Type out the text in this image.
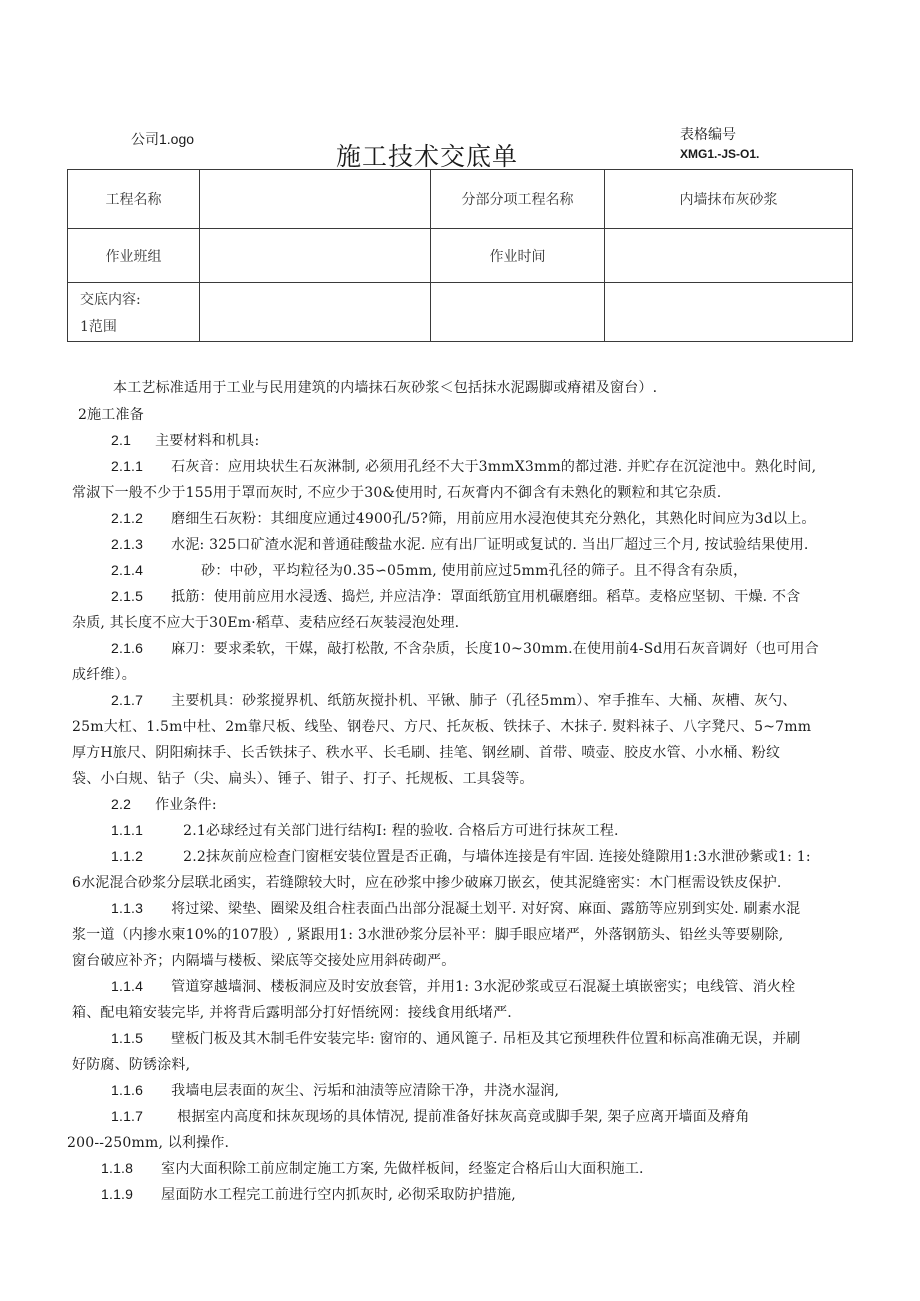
公司1.ogo
施工技术交底单
表格编号
XMG1.-JS-O1.
工程名称		分部分项工程名称	内墙抹布灰砂浆
作业班组		作业时间	

交底内容:
1范围			

本工艺标准适用于工业与民用建筑的内墙抹石灰砂浆＜包括抹水泥踢脚或瘠裙及窗台）.
2施工准备
2.1 主要材料和机具:
2.1.1 石灰音：应用块状生石灰淋制, 必须用孔经不大于3mmX3mm的都过港. 并贮存在沉淀池中。熟化时间,
常淑下一般不少于155用于罩而灰时, 不应少于30&使用时, 石灰膏内不御含有未熟化的颗粒和其它杂质.
2.1.2 磨细生石灰粉：其细度应通过4900孔/5?筛，用前应用水浸泡使其充分熟化，其熟化时间应为3d以上。
2.1.3 水泥: 325口矿渣水泥和普通硅酸盐水泥. 应有出厂证明或复试的. 当出厂超过三个月, 按试验结果使用.
2.1.4	砂：中砂，平均粒径为0.35∽05mm, 使用前应过5mm孔径的筛子。且不得含有杂质，
2.1.5 抵筋：使用前应用水浸透、捣烂, 并应洁净：罩面纸筋宜用机碾磨细。稻草。麦格应坚韧、干燥. 不含
杂质, 其长度不应大于30Em·稻草、麦秸应经石灰装浸泡处理.
2.1.6 麻刀：要求柔软，干媒，敲打松散, 不含杂质，长度10~30mm.在使用前4-Sd用石灰音调好（也可用合
成纤维）。
2.1.7 主要机具：砂浆搅界机、纸筋灰搅扑机、平锹、肺子（孔径5mm）、窄手推车、大桶、灰槽、灰勺、
25m大杠、1.5m中杜、2m靠尺板、线坠、钢卷尺、方尺、托灰板、铁抹子、木抹子. 熨料袜子、八字凳尺、5~7mm
厚方H旅尺、阴阳痢抹手、长舌铁抹子、秩水平、长毛刷、挂笔、钢丝刷、首带、喷壶、胶皮水管、小水桶、粉纹
袋、小白规、钻子（尖、扁头）、锤子、钳子、打子、托规板、工具袋等。
2.2 作业条件:
1.1.1	2.1必球经过有关部门进行结构I: 程的验收. 合格后方可进行抹灰工程.
1.1.2	2.2抹灰前应检查门窗框安装位置是否正确，与墙体连接是有牢固. 连接处缝隙用1:3水泄砂紫或1: 1:
6水泥混合砂浆分层联北函实，若缝隙较大时，应在砂浆中掺少破麻刀嵌玄，使其泥缝密实：木门框需设铁皮保护.
1.1.3 将过梁、梁垫、圈梁及组合柱表面凸出部分混凝土划平. 对好窝、麻面、露筋等应别到实处. 刷素水混
浆一道（内掺水柬10%的107股）, 紧跟用1: 3水泄砂浆分层补平：脚手眼应堵严，外落钢筋头、铅丝头等要剔除,
窗台破应补齐；内隔墙与楼板、梁底等交接处应用斜砖砌严。
1.1.4 管道穿越墙洞、楼板洞应及时安放套管，并用1: 3水泥砂浆或豆石混凝土填嵌密实；电线管、消火栓
箱、配电箱安装完毕, 并将背后露明部分打好悟统网：接线食用纸堵严.
1.1.5 壁板门板及其木制毛件安装完毕: 窗帘的、通风篦子. 吊柜及其它预埋秩件位置和标高准确无误，并刷
好防腐、防锈涂料,
1.1.6 我墙电层表面的灰尘、污垢和油渍等应清除干净，井浇水湿润,
1.1.7 根据室内高度和抹灰现场的具体情况, 提前准备好抹灰高竟或脚手架, 架子应离开墙面及瘠角
200--250mm, 以利操作.
1.1.8 室内大面积除工前应制定施工方案, 先做样板间，经鉴定合格后山大面积施工.
1.1.9 屋面防水工程完工前进行空内抓灰时, 必彻采取防护措施,
